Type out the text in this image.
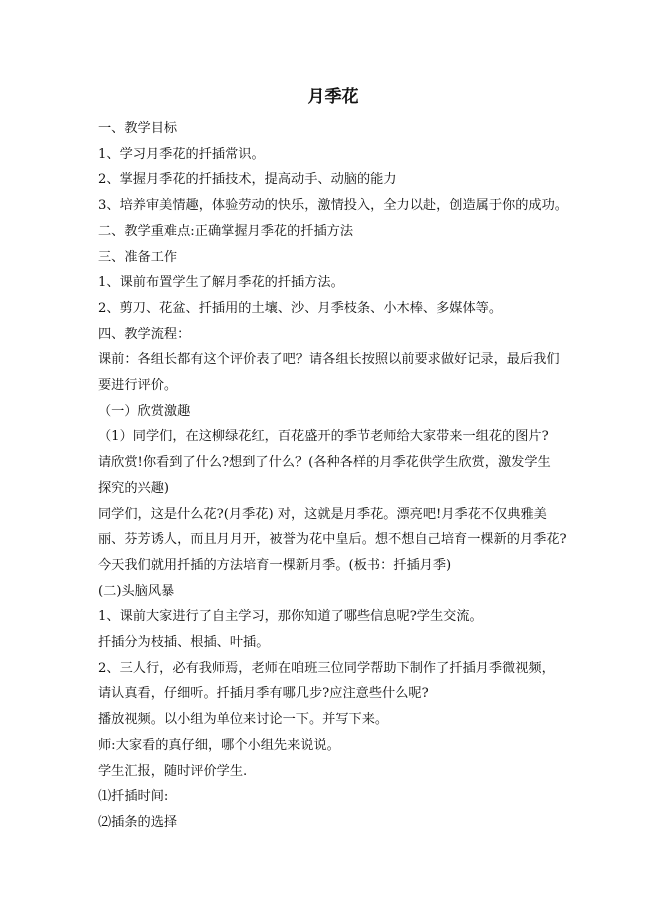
月季花

一、教学目标

1、学习月季花的扦插常识。

2、掌握月季花的扦插技术，提高动手、动脑的能力

3、培养审美情趣，体验劳动的快乐，激情投入，全力以赴，创造属于你的成功。

二、教学重难点:正确掌握月季花的扦插方法

三、准备工作

1、课前布置学生了解月季花的扦插方法。

2、剪刀、花盆、扦插用的土壤、沙、月季枝条、小木棒、多媒体等。

四、教学流程：

课前：各组长都有这个评价表了吧？请各组长按照以前要求做好记录，最后我们

要进行评价。

（一）欣赏激趣

（1）同学们，在这柳绿花红，百花盛开的季节老师给大家带来一组花的图片?

请欣赏!你看到了什么?想到了什么？(各种各样的月季花供学生欣赏，激发学生

探究的兴趣)

同学们，这是什么花?(月季花) 对，这就是月季花。漂亮吧!月季花不仅典雅美

丽、芬芳诱人，而且月月开，被誉为花中皇后。想不想自己培育一棵新的月季花?

今天我们就用扦插的方法培育一棵新月季。(板书：扦插月季)

(二)头脑风暴

1、课前大家进行了自主学习，那你知道了哪些信息呢?学生交流。

扦插分为枝插、根插、叶插。

2、三人行，必有我师焉，老师在咱班三位同学帮助下制作了扦插月季微视频，

请认真看，仔细听。扦插月季有哪几步?应注意些什么呢?

播放视频。以小组为单位来讨论一下。并写下来。

师:大家看的真仔细，哪个小组先来说说。

学生汇报，随时评价学生.

⑴扦插时间:

⑵插条的选择
